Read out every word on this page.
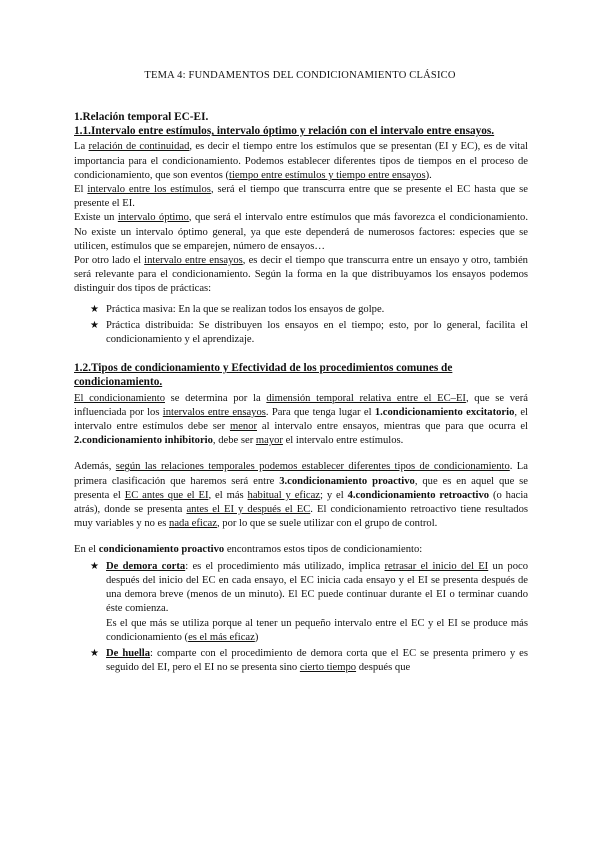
TEMA 4: FUNDAMENTOS DEL CONDICIONAMIENTO CLÁSICO
1.Relación temporal EC-EI.
1.1.Intervalo entre estímulos, intervalo óptimo y relación con el intervalo entre ensayos.

La relación de continuidad, es decir el tiempo entre los estímulos que se presentan (EI y EC), es de vital importancia para el condicionamiento. Podemos establecer diferentes tipos de tiempos en el proceso de condicionamiento, que son eventos (tiempo entre estímulos y tiempo entre ensayos).

El intervalo entre los estímulos, será el tiempo que transcurra entre que se presente el EC hasta que se presente el EI.

Existe un intervalo óptimo, que será el intervalo entre estímulos que más favorezca el condicionamiento. No existe un intervalo óptimo general, ya que este dependerá de numerosos factores: especies que se utilicen, estímulos que se emparejen, número de ensayos…

Por otro lado el intervalo entre ensayos, es decir el tiempo que transcurra entre un ensayo y otro, también será relevante para el condicionamiento. Según la forma en la que distribuyamos los ensayos podemos distinguir dos tipos de prácticas:

★ Práctica masiva: En la que se realizan todos los ensayos de golpe.
★ Práctica distribuida: Se distribuyen los ensayos en el tiempo; esto, por lo general, facilita el condicionamiento y el aprendizaje.
1.2.Tipos de condicionamiento y Efectividad de los procedimientos comunes de condicionamiento.

El condicionamiento se determina por la dimensión temporal relativa entre el EC–EI, que se verá influenciada por los intervalos entre ensayos. Para que tenga lugar el 1.condicionamiento excitatorio, el intervalo entre estímulos debe ser menor al intervalo entre ensayos, mientras que para que ocurra el 2.condicionamiento inhibitorio, debe ser mayor el intervalo entre estímulos.

Además, según las relaciones temporales podemos establecer diferentes tipos de condicionamiento. La primera clasificación que haremos será entre 3.condicionamiento proactivo, que es en aquel que se presenta el EC antes que el EI, el más habitual y eficaz; y el 4.condicionamiento retroactivo (o hacia atrás), donde se presenta antes el EI y después el EC. El condicionamiento retroactivo tiene resultados muy variables y no es nada eficaz, por lo que se suele utilizar con el grupo de control.

En el condicionamiento proactivo encontramos estos tipos de condicionamiento:

★ De demora corta: es el procedimiento más utilizado, implica retrasar el inicio del EI un poco después del inicio del EC en cada ensayo, el EC inicia cada ensayo y el EI se presenta después de una demora breve (menos de un minuto). El EC puede continuar durante el EI o terminar cuando éste comienza.
Es el que más se utiliza porque al tener un pequeño intervalo entre el EC y el EI se produce más condicionamiento (es el más eficaz)
★ De huella: comparte con el procedimiento de demora corta que el EC se presenta primero y es seguido del EI, pero el EI no se presenta sino cierto tiempo después que
